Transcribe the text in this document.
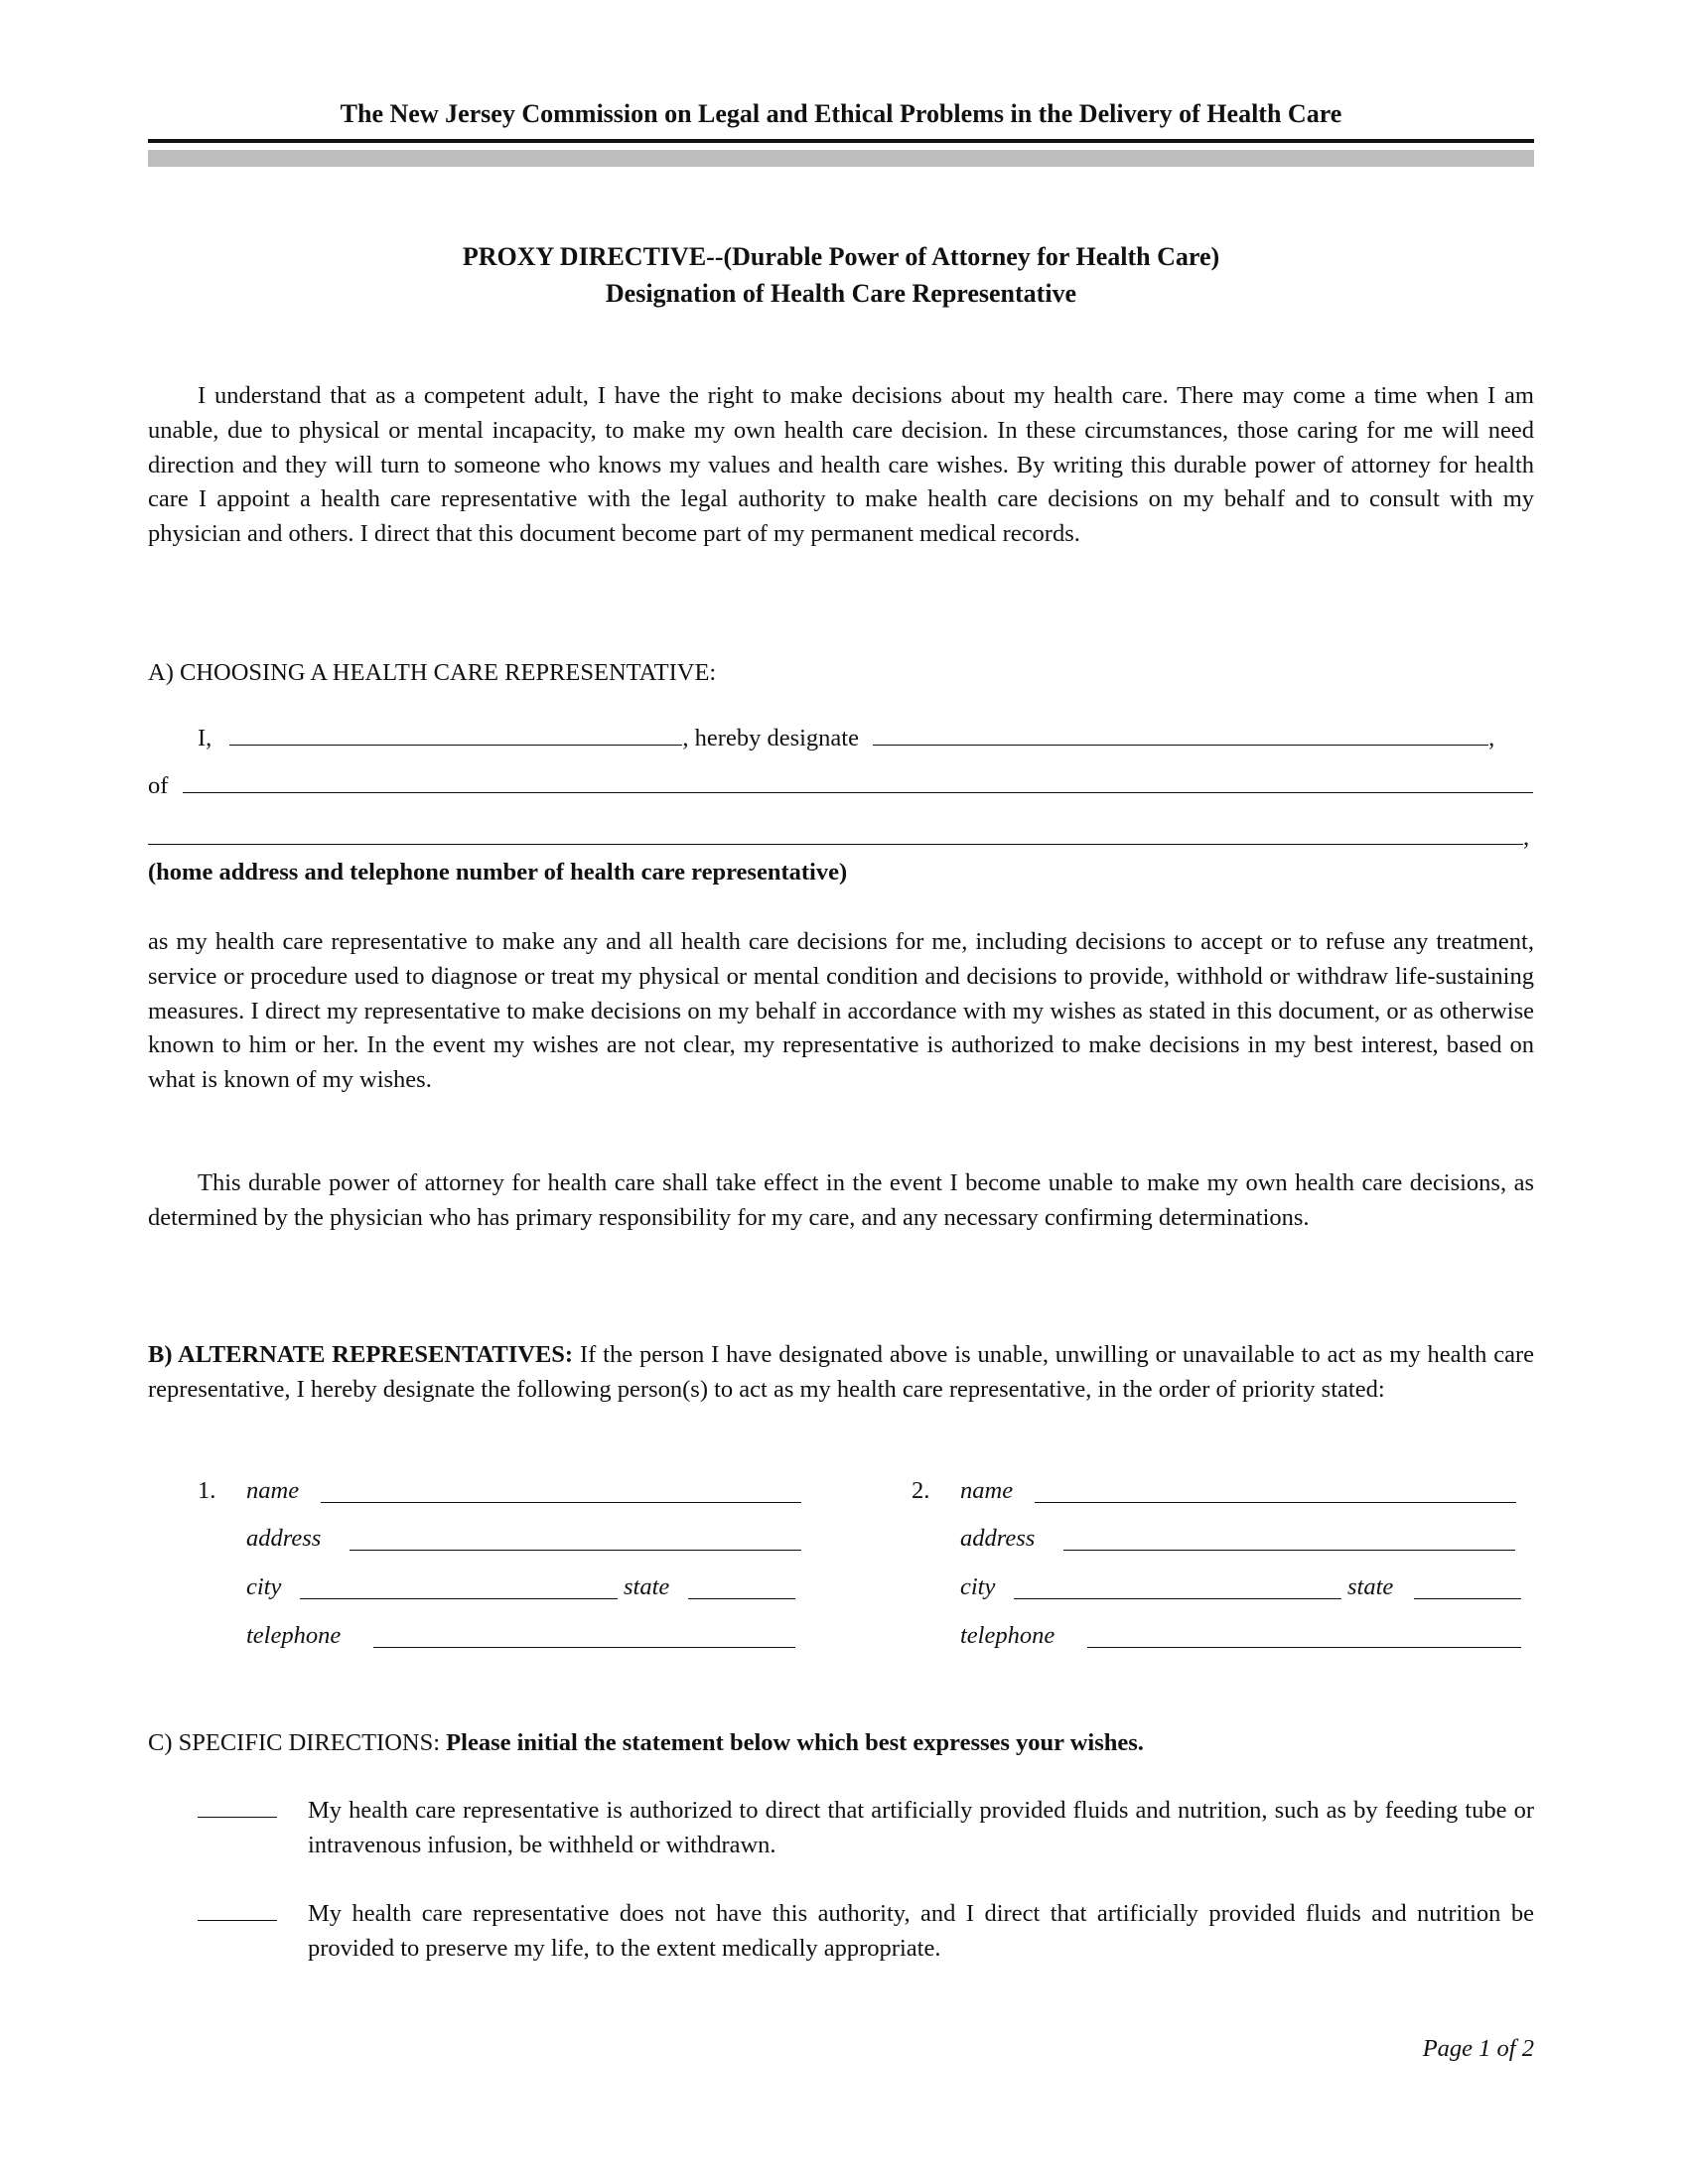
The New Jersey Commission on Legal and Ethical Problems in the Delivery of Health Care
PROXY DIRECTIVE--(Durable Power of Attorney for Health Care)
Designation of Health Care Representative
I understand that as a competent adult, I have the right to make decisions about my health care. There may come a time when I am unable, due to physical or mental incapacity, to make my own health care decision. In these circumstances, those caring for me will need direction and they will turn to someone who knows my values and health care wishes. By writing this durable power of attorney for health care I appoint a health care representative with the legal authority to make health care decisions on my behalf and to consult with my physician and others. I direct that this document become part of my permanent medical records.
A) CHOOSING A HEALTH CARE REPRESENTATIVE:
I,	, hereby designate	,
of
,
(home address and telephone number of health care representative)
as my health care representative to make any and all health care decisions for me, including decisions to accept or to refuse any treatment, service or procedure used to diagnose or treat my physical or mental condition and decisions to provide, withhold or withdraw life-sustaining measures. I direct my representative to make decisions on my behalf in accordance with my wishes as stated in this document, or as otherwise known to him or her. In the event my wishes are not clear, my representative is authorized to make decisions in my best interest, based on what is known of my wishes.
This durable power of attorney for health care shall take effect in the event I become unable to make my own health care decisions, as determined by the physician who has primary responsibility for my care, and any necessary confirming determinations.
B) ALTERNATE REPRESENTATIVES: If the person I have designated above is unable, unwilling or unavailable to act as my health care representative, I hereby designate the following person(s) to act as my health care representative, in the order of priority stated:
1. name
address
city	state
telephone
2. name
address
city	state
telephone
C) SPECIFIC DIRECTIONS: Please initial the statement below which best expresses your wishes.
My health care representative is authorized to direct that artificially provided fluids and nutrition, such as by feeding tube or intravenous infusion, be withheld or withdrawn.
My health care representative does not have this authority, and I direct that artificially provided fluids and nutrition be provided to preserve my life, to the extent medically appropriate.
Page 1 of 2
